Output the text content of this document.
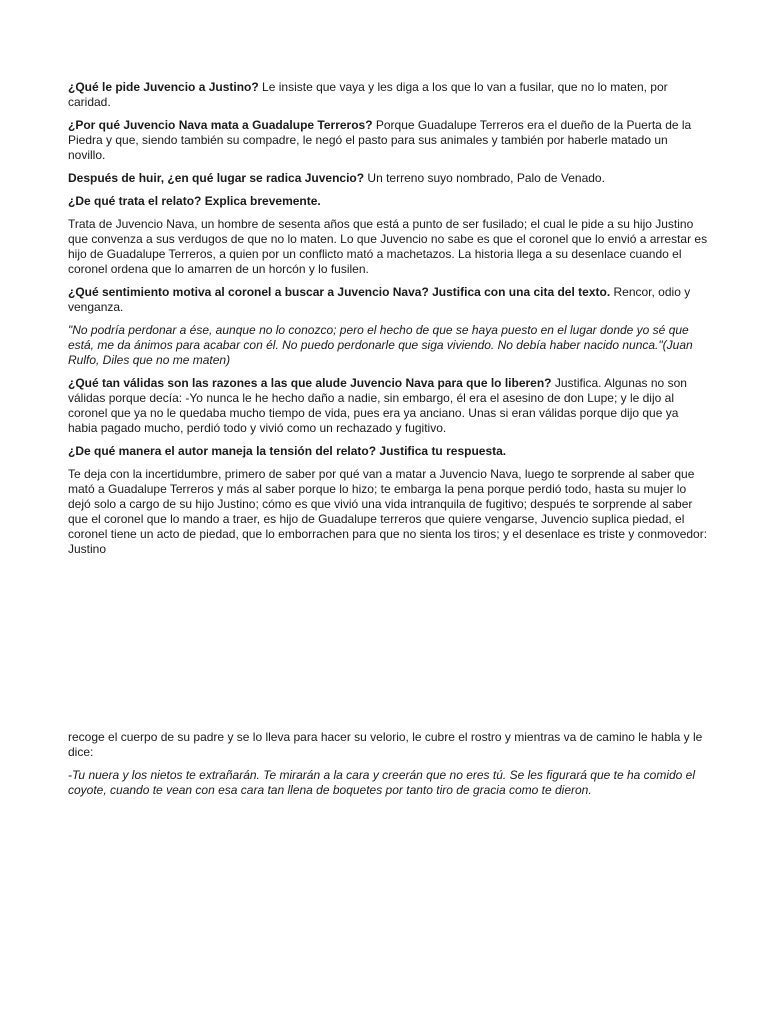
¿Qué le pide Juvencio a Justino? Le insiste que vaya y les diga a los que lo van a fusilar, que no lo maten, por caridad.

¿Por qué Juvencio Nava mata a Guadalupe Terreros? Porque Guadalupe Terreros era el dueño de la Puerta de la Piedra y que, siendo también su compadre, le negó el pasto para sus animales y también por haberle matado un novillo.

Después de huir, ¿en qué lugar se radica Juvencio? Un terreno suyo nombrado, Palo de Venado.

¿De qué trata el relato? Explica brevemente.

Trata de Juvencio Nava, un hombre de sesenta años que está a punto de ser fusilado; el cual le pide a su hijo Justino que convenza a sus verdugos de que no lo maten. Lo que Juvencio no sabe es que el coronel que lo envió a arrestar es hijo de Guadalupe Terreros, a quien por un conflicto mató a machetazos. La historia llega a su desenlace cuando el coronel ordena que lo amarren de un horcón y lo fusilen.

¿Qué sentimiento motiva al coronel a buscar a Juvencio Nava? Justifica con una cita del texto. Rencor, odio y venganza.

"No podría perdonar a ése, aunque no lo conozco; pero el hecho de que se haya puesto en el lugar donde yo sé que está, me da ánimos para acabar con él. No puedo perdonarle que siga viviendo. No debía haber nacido nunca."(Juan Rulfo, Diles que no me maten)

¿Qué tan válidas son las razones a las que alude Juvencio Nava para que lo liberen? Justifica. Algunas no son válidas porque decía: -Yo nunca le he hecho daño a nadie, sin embargo, él era el asesino de don Lupe; y le dijo al coronel que ya no le quedaba mucho tiempo de vida, pues era ya anciano. Unas si eran válidas porque dijo que ya habia pagado mucho, perdió todo y vivió como un rechazado y fugitivo.

¿De qué manera el autor maneja la tensión del relato? Justifica tu respuesta.

Te deja con la incertidumbre, primero de saber por qué van a matar a Juvencio Nava, luego te sorprende al saber que mató a Guadalupe Terreros y más al saber porque lo hizo; te embarga la pena porque perdió todo, hasta su mujer lo dejó solo a cargo de su hijo Justino; cómo es que vivió una vida intranquila de fugitivo; después te sorprende al saber que el coronel que lo mando a traer, es hijo de Guadalupe terreros que quiere vengarse, Juvencio suplica piedad, el coronel tiene un acto de piedad, que lo emborrachen para que no sienta los tiros; y el desenlace es triste y conmovedor: Justino

recoge el cuerpo de su padre y se lo lleva para hacer su velorio, le cubre el rostro y mientras va de camino le habla y le dice:

-Tu nuera y los nietos te extrañarán. Te mirarán a la cara y creerán que no eres tú. Se les figurará que te ha comido el coyote, cuando te vean con esa cara tan llena de boquetes por tanto tiro de gracia como te dieron.
